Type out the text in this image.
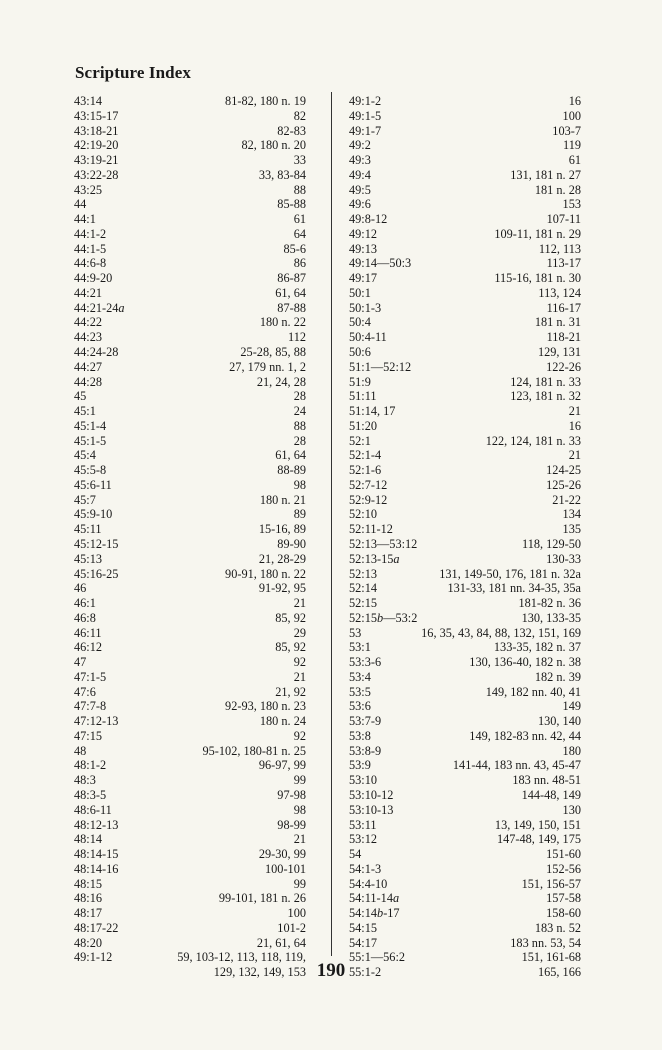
Scripture Index
43:14	81-82, 180 n. 19
43:15-17	82
43:18-21	82-83
42:19-20	82, 180 n. 20
43:19-21	33
43:22-28	33, 83-84
43:25	88
44	85-88
44:1	61
44:1-2	64
44:1-5	85-6
44:6-8	86
44:9-20	86-87
44:21	61, 64
44:21-24a	87-88
44:22	180 n. 22
44:23	112
44:24-28	25-28, 85, 88
44:27	27, 179 nn. 1, 2
44:28	21, 24, 28
45	28
45:1	24
45:1-4	88
45:1-5	28
45:4	61, 64
45:5-8	88-89
45:6-11	98
45:7	180 n. 21
45:9-10	89
45:11	15-16, 89
45:12-15	89-90
45:13	21, 28-29
45:16-25	90-91, 180 n. 22
46	91-92, 95
46:1	21
46:8	85, 92
46:11	29
46:12	85, 92
47	92
47:1-5	21
47:6	21, 92
47:7-8	92-93, 180 n. 23
47:12-13	180 n. 24
47:15	92
48	95-102, 180-81 n. 25
48:1-2	96-97, 99
48:3	99
48:3-5	97-98
48:6-11	98
48:12-13	98-99
48:14	21
48:14-15	29-30, 99
48:14-16	100-101
48:15	99
48:16	99-101, 181 n. 26
48:17	100
48:17-22	101-2
48:20	21, 61, 64
49:1-12	59, 103-12, 113, 118, 119,
129, 132, 149, 153
49:1-2	16
49:1-5	100
49:1-7	103-7
49:2	119
49:3	61
49:4	131, 181 n. 27
49:5	181 n. 28
49:6	153
49:8-12	107-11
49:12	109-11, 181 n. 29
49:13	112, 113
49:14—50:3	113-17
49:17	115-16, 181 n. 30
50:1	113, 124
50:1-3	116-17
50:4	181 n. 31
50:4-11	118-21
50:6	129, 131
51:1—52:12	122-26
51:9	124, 181 n. 33
51:11	123, 181 n. 32
51:14, 17	21
51:20	16
52:1	122, 124, 181 n. 33
52:1-4	21
52:1-6	124-25
52:7-12	125-26
52:9-12	21-22
52:10	134
52:11-12	135
52:13—53:12	118, 129-50
52:13-15a	130-33
52:13	131, 149-50, 176, 181 n. 32a
52:14	131-33, 181 nn. 34-35, 35a
52:15	181-82 n. 36
52:15b—53:2	130, 133-35
53	16, 35, 43, 84, 88, 132, 151, 169
53:1	133-35, 182 n. 37
53:3-6	130, 136-40, 182 n. 38
53:4	182 n. 39
53:5	149, 182 nn. 40, 41
53:6	149
53:7-9	130, 140
53:8	149, 182-83 nn. 42, 44
53:8-9	180
53:9	141-44, 183 nn. 43, 45-47
53:10	183 nn. 48-51
53:10-12	144-48, 149
53:10-13	130
53:11	13, 149, 150, 151
53:12	147-48, 149, 175
54	151-60
54:1-3	152-56
54:4-10	151, 156-57
54:11-14a	157-58
54:14b-17	158-60
54:15	183 n. 52
54:17	183 nn. 53, 54
55:1—56:2	151, 161-68
55:1-2	165, 166
190
